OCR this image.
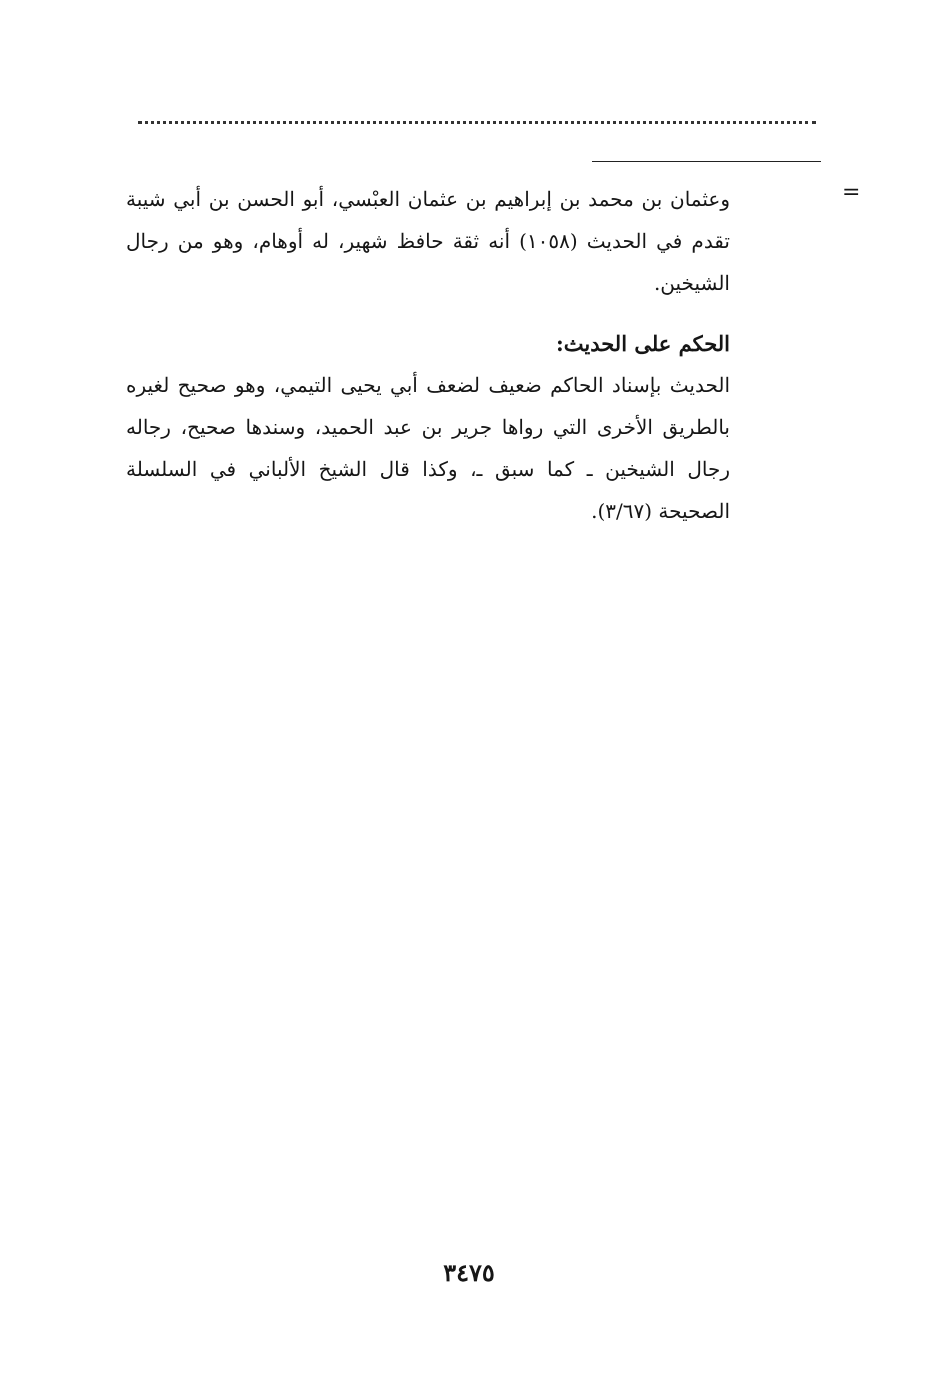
=

وعثمان بن محمد بن إبراهيم بن عثمان العبْسي، أبو الحسن بن أبي شيبة تقدم في الحديث (١٠٥٨) أنه ثقة حافظ شهير، له أوهام، وهو من رجال الشيخين.

الحكم على الحديث:

الحديث بإسناد الحاكم ضعيف لضعف أبي يحيى التيمي، وهو صحيح لغيره بالطريق الأخرى التي رواها جرير بن عبد الحميد، وسندها صحيح، رجاله رجال الشيخين ـ كما سبق ـ، وكذا قال الشيخ الألباني في السلسلة الصحيحة (٣/٦٧).

٣٤٧٥
